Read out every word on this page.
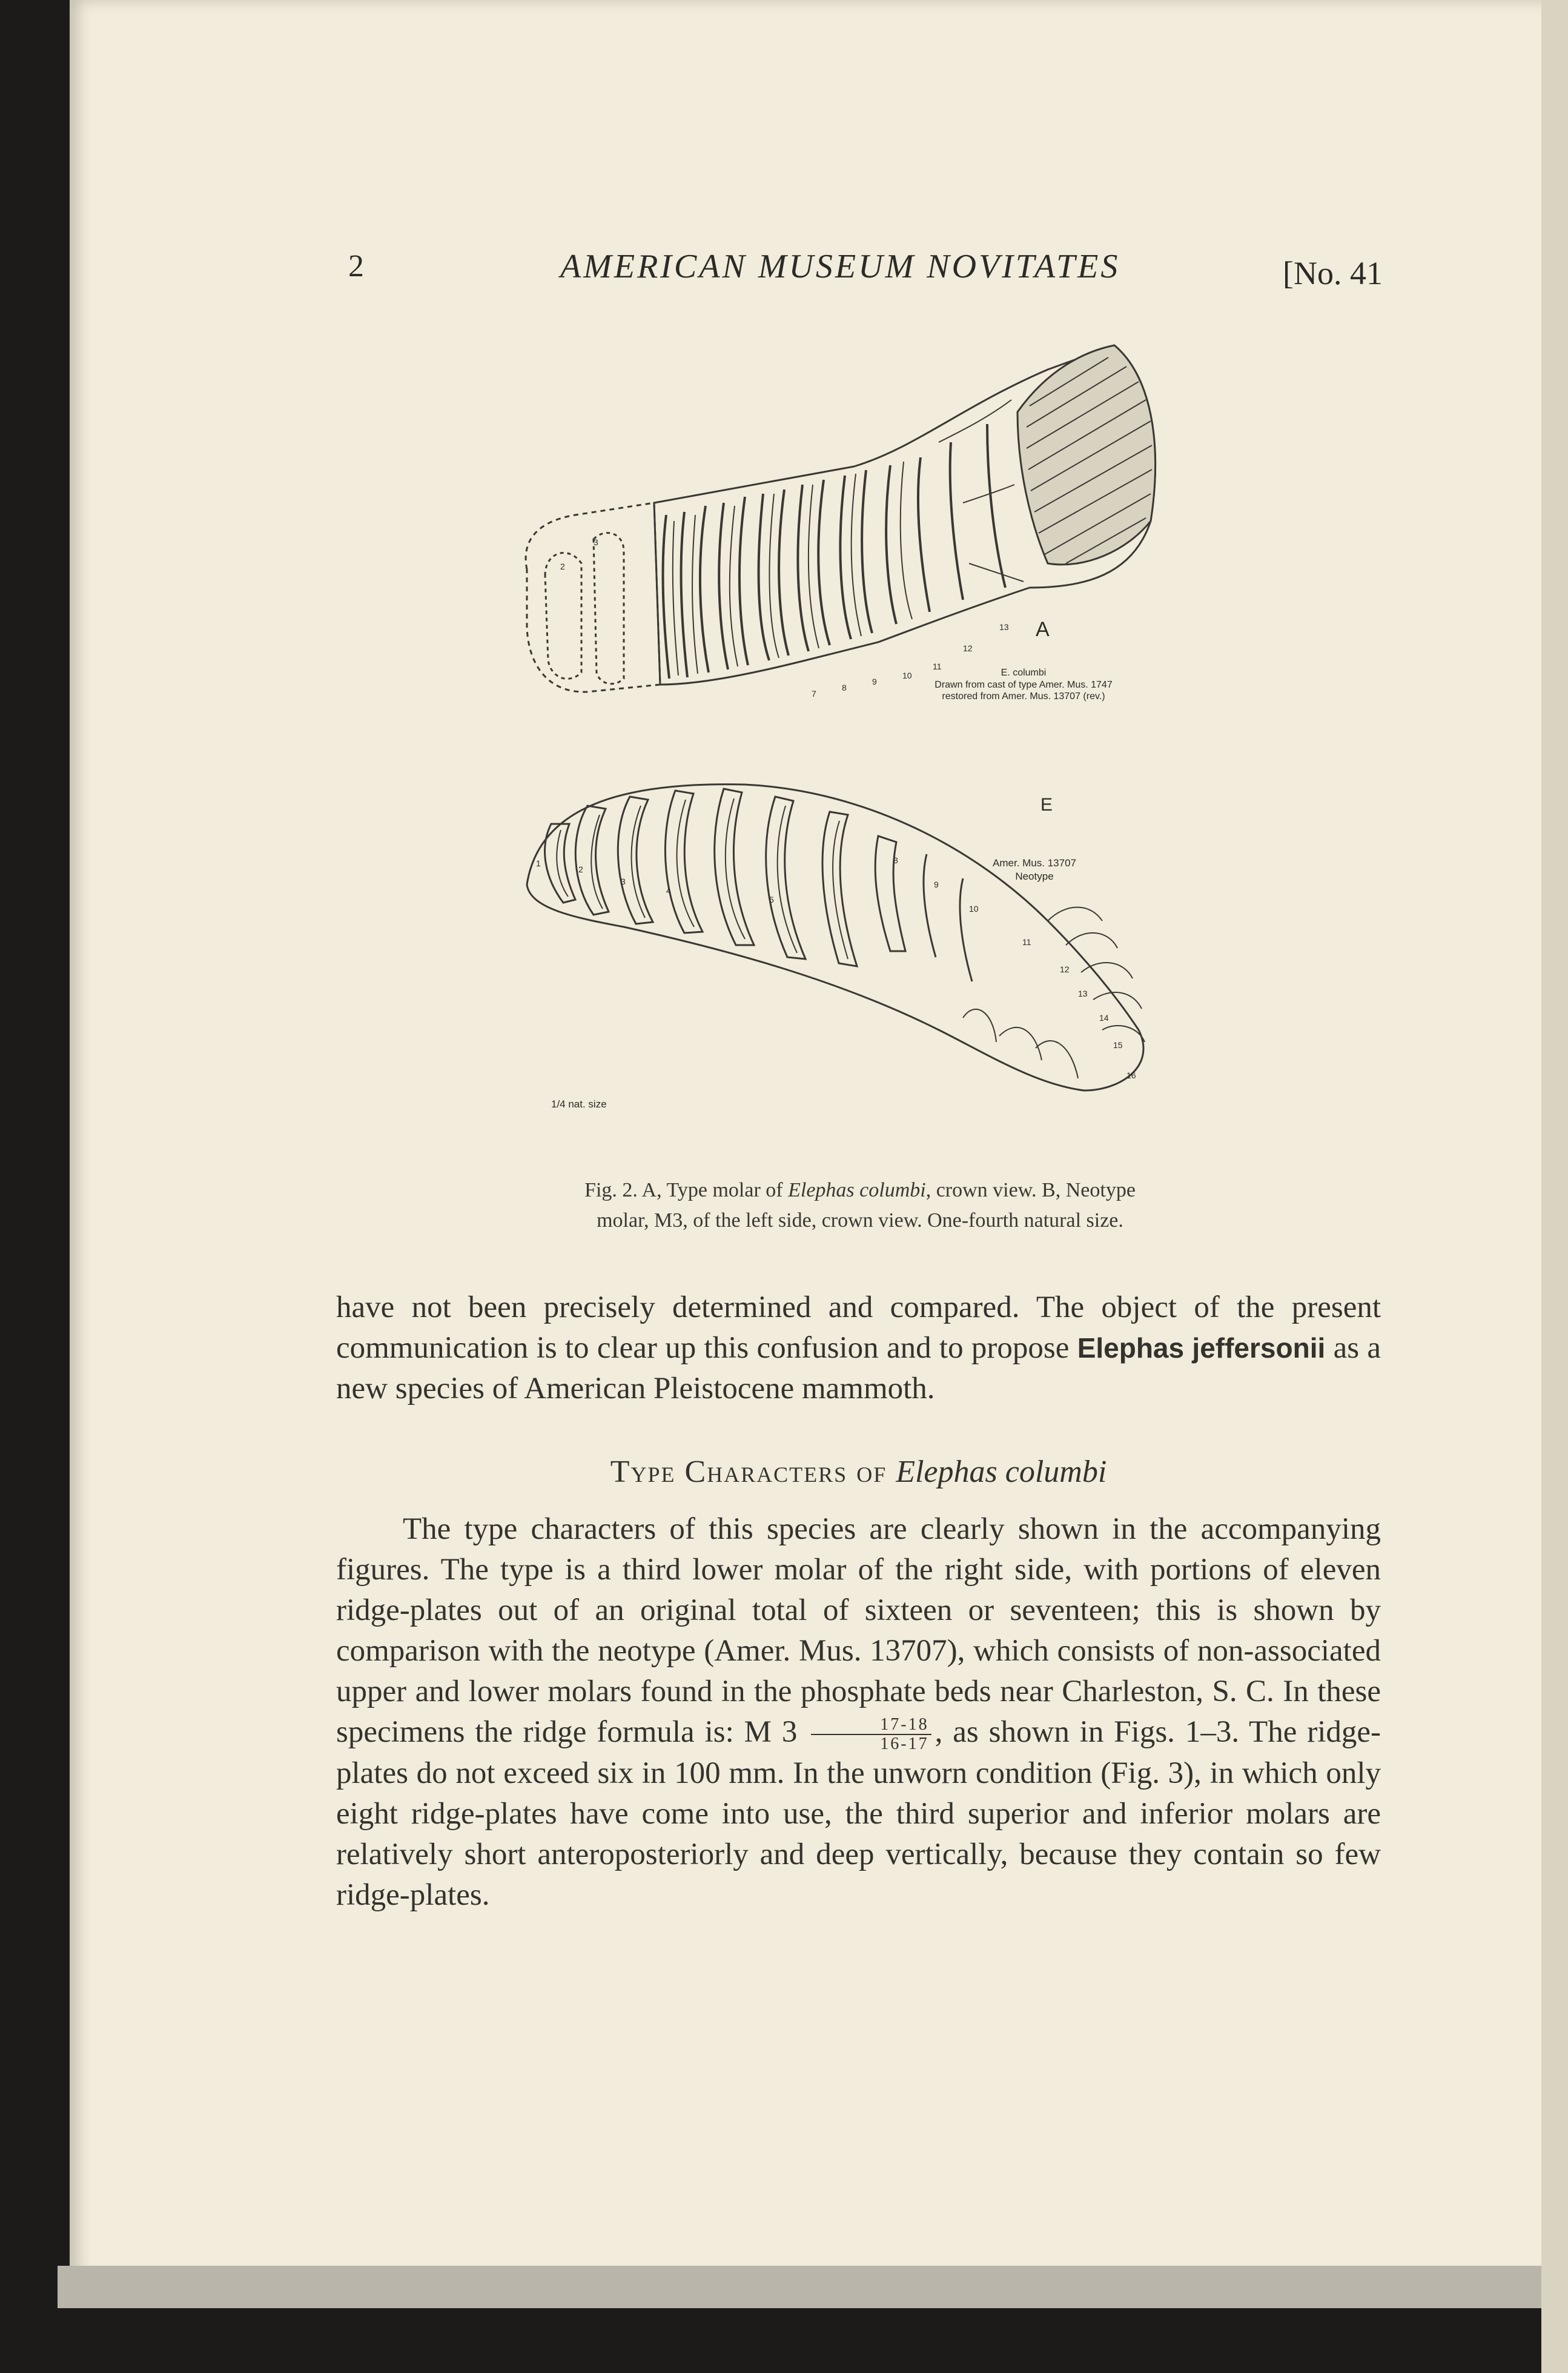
2	AMERICAN MUSEUM NOVITATES	[No. 41
2
3
7
8
9
10
11
12
13 A
E. columbi
Drawn from cast of type Amer. Mus. 1747
restored from Amer. Mus. 13707 (rev.)
1
2
3
4
5
8
9
10
11
12
13
14
15
16
E
Amer. Mus. 13707
Neotype
1/4 nat. size
Fig. 2. A, Type molar of Elephas columbi, crown view. B, Neotype
molar, M3, of the left side, crown view. One-fourth natural size.
have not been precisely determined and compared. The object of the present communication is to clear up this confusion and to propose Elephas jeffersonii as a new species of American Pleistocene mammoth.
Type Characters of Elephas columbi
The type characters of this species are clearly shown in the accompanying figures. The type is a third lower molar of the right side, with portions of eleven ridge-plates out of an original total of sixteen or seventeen; this is shown by comparison with the neotype (Amer. Mus. 13707), which consists of non-associated upper and lower molars found in the phosphate beds near Charleston, S. C. In these specimens the ridge formula is: M $3 \frac{17-18}{16-17}$ , as shown in Figs. 1–3. The ridge-plates do not exceed six in 100 mm. In the unworn condition (Fig. 3), in which only eight ridge-plates have come into use, the third superior and inferior molars are relatively short anteroposteriorly and deep vertically, because they contain so few ridge-plates.
